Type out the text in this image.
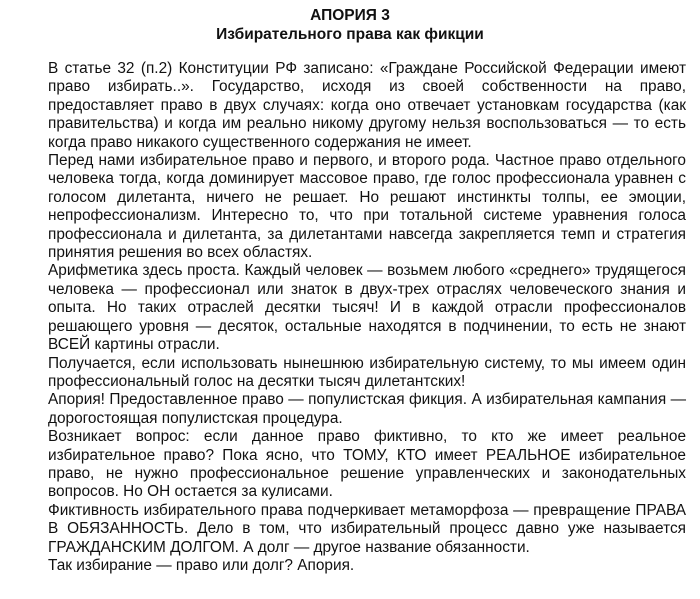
АПОРИЯ 3
Избирательного права как фикции

В статье 32 (п.2) Конституции РФ записано: «Граждане Российской Федерации имеют право избирать..». Государство, исходя из своей собственности на право, предоставляет право в двух случаях: когда оно отвечает установкам государства (как правительства) и когда им реально никому другому нельзя воспользоваться — то есть когда право никакого существенного содержания не имеет.

Перед нами избирательное право и первого, и второго рода. Частное право отдельного человека тогда, когда доминирует массовое право, где голос профессионала уравнен с голосом дилетанта, ничего не решает. Но решают инстинкты толпы, ее эмоции, непрофессионализм. Интересно то, что при тотальной системе уравнения голоса профессионала и дилетанта, за дилетантами навсегда закрепляется темп и стратегия принятия решения во всех областях.

Арифметика здесь проста. Каждый человек — возьмем любого «среднего» трудящегося человека — профессионал или знаток в двух-трех отраслях человеческого знания и опыта. Но таких отраслей десятки тысяч! И в каждой отрасли профессионалов решающего уровня — десяток, остальные находятся в подчинении, то есть не знают ВСЕЙ картины отрасли.

Получается, если использовать нынешнюю избирательную систему, то мы имеем один профессиональный голос на десятки тысяч дилетантских!

Апория! Предоставленное право — популистская фикция. А избирательная кампания — дорогостоящая популистская процедура.

Возникает вопрос: если данное право фиктивно, то кто же имеет реальное избирательное право? Пока ясно, что ТОМУ, КТО имеет РЕАЛЬНОЕ избирательное право, не нужно профессиональное решение управленческих и законодательных вопросов. Но ОН остается за кулисами.

Фиктивность избирательного права подчеркивает метаморфоза — превращение ПРАВА В ОБЯЗАННОСТЬ. Дело в том, что избирательный процесс давно уже называется ГРАЖДАНСКИМ ДОЛГОМ. А долг — другое название обязанности.

Так избирание — право или долг? Апория.
